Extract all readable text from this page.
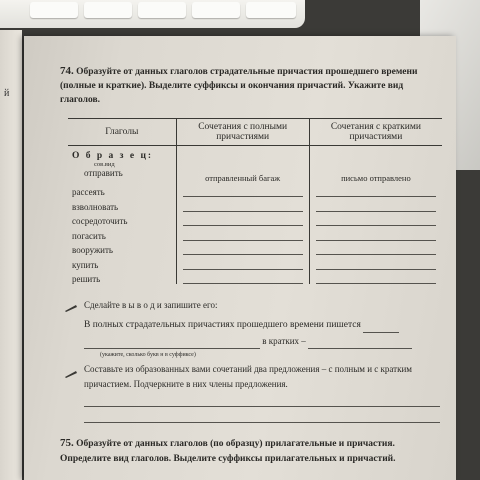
й
74. Образуйте от данных глаголов страдательные причастия прошедшего времени (полные и краткие). Выделите суффиксы и окончания причастий. Укажите вид глаголов.
Глаголы	Сочетания с полными причастиями	Сочетания с краткими причастиями
О б р а з е ц:		

сов.вид
отправить	отправленный багаж	письмо отправлено
рассеять	

взволновать	

сосредоточить	

погасить	

вооружить	

купить	

решить	

Сделайте в ы в о д и запишите его:
В полных страдательных причастиях прошедшего времени пишется
в кратких –
(укажите, сколько букв н в суффиксе)
Составьте из образованных вами сочетаний два предложения – с полным и с кратким причастием. Подчеркните в них члены предложения.
75. Образуйте от данных глаголов (по образцу) прилагательные и причастия. Определите вид глаголов. Выделите суффиксы прилагательных и причастий.
